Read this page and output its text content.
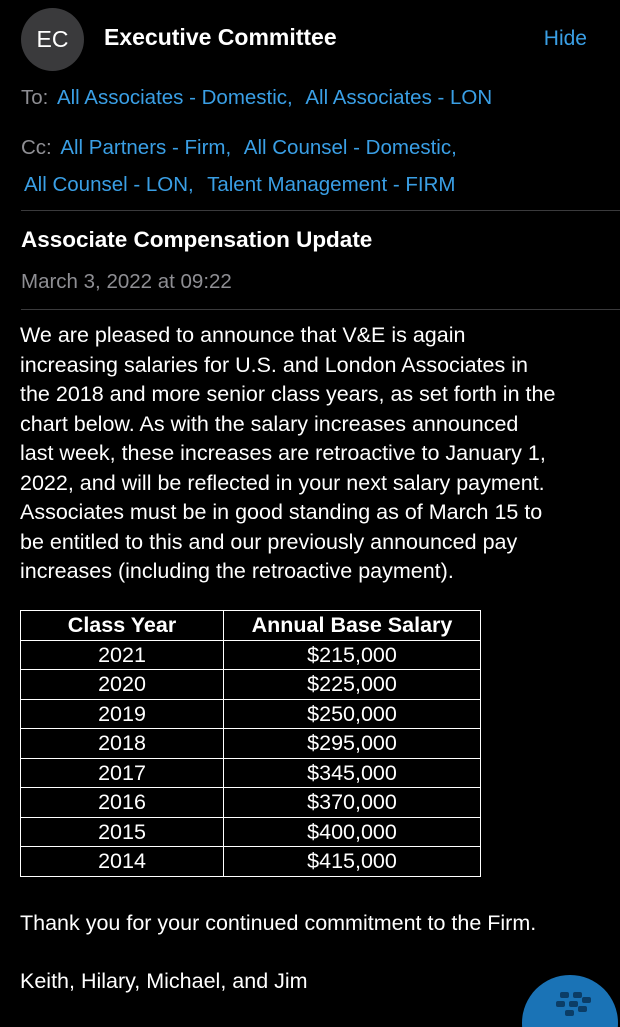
EC	Executive Committee	Hide
To: All Associates - Domestic, All Associates - LON
Cc: All Partners - Firm, All Counsel - Domestic,
All Counsel - LON, Talent Management - FIRM
Associate Compensation Update
March 3, 2022 at 09:22
We are pleased to announce that V&E is again
increasing salaries for U.S. and London Associates in
the 2018 and more senior class years, as set forth in the
chart below. As with the salary increases announced
last week, these increases are retroactive to January 1,
2022, and will be reflected in your next salary payment.
Associates must be in good standing as of March 15 to
be entitled to this and our previously announced pay
increases (including the retroactive payment).
Class Year	Annual Base Salary
2021	$215,000
2020	$225,000
2019	$250,000
2018	$295,000
2017	$345,000
2016	$370,000
2015	$400,000
2014	$415,000
Thank you for your continued commitment to the Firm.
Keith, Hilary, Michael, and Jim
